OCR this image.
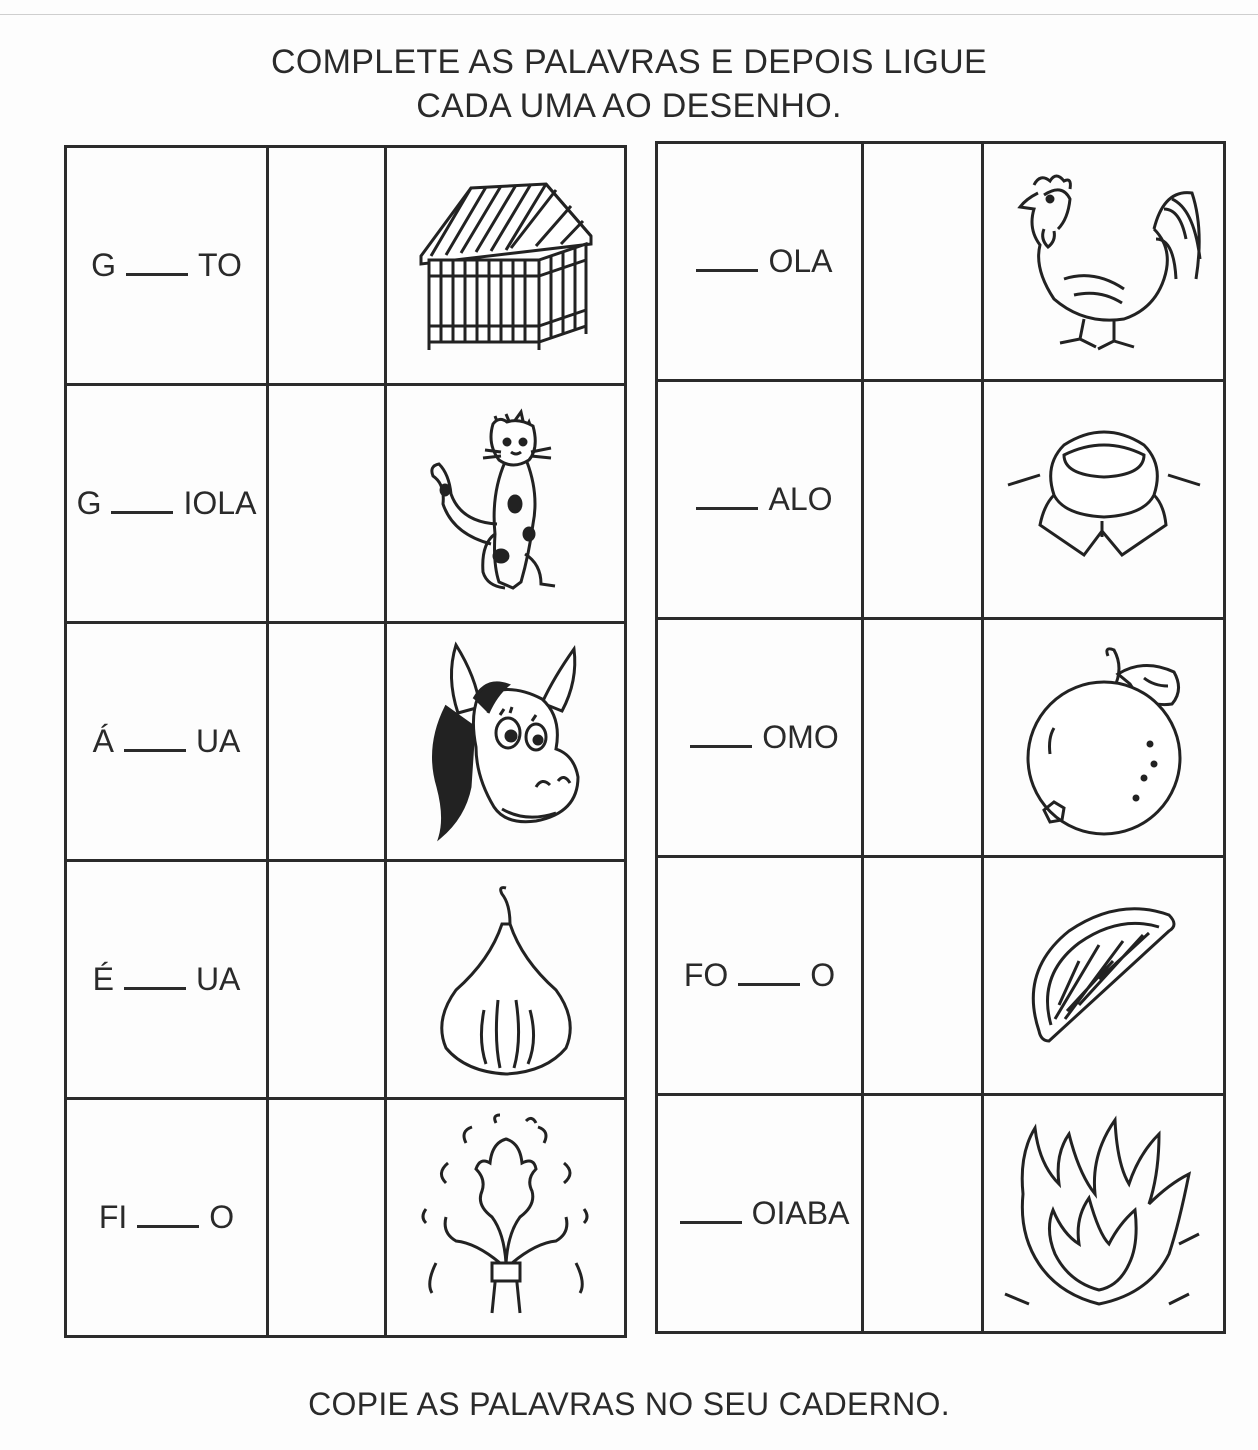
COMPLETE AS PALAVRAS E DEPOIS LIGUE
CADA UMA AO DESENHO.
G TO		

G IOLA		

Á UA		

É UA		

FI O		
OLA		

ALO		

OMO		

FO O		

OIABA		
COPIE AS PALAVRAS NO SEU CADERNO.
